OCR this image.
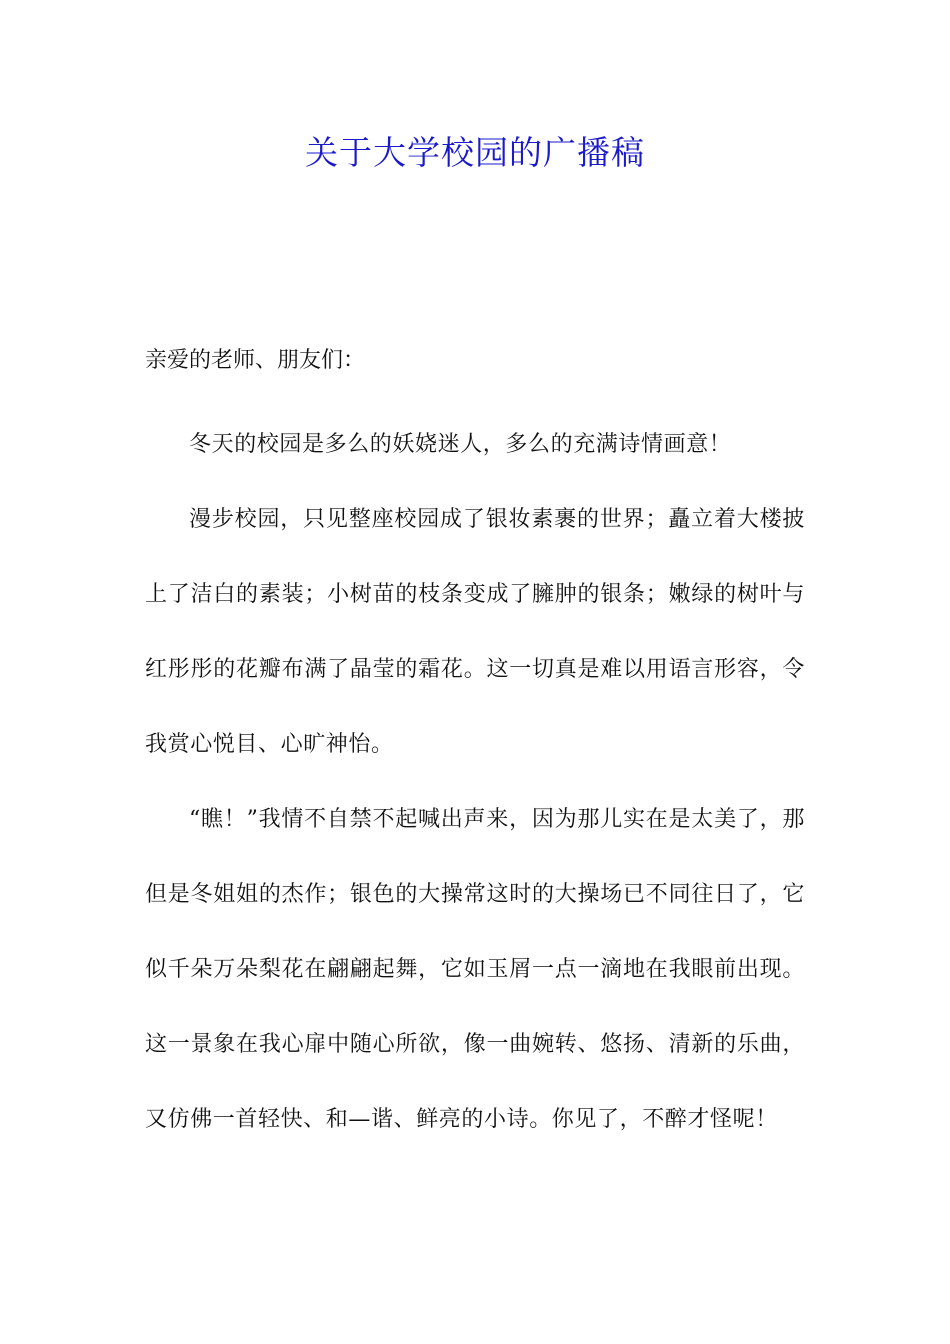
关于大学校园的广播稿

亲爱的老师、朋友们：

冬天的校园是多么的妖娆迷人，多么的充满诗情画意！

漫步校园，只见整座校园成了银妆素裹的世界；矗立着大楼披上了洁白的素装；小树苗的枝条变成了臃肿的银条；嫩绿的树叶与红彤彤的花瓣布满了晶莹的霜花。这一切真是难以用语言形容，令我赏心悦目、心旷神怡。

“瞧！”我情不自禁不起喊出声来，因为那儿实在是太美了，那但是冬姐姐的杰作；银色的大操常这时的大操场已不同往日了，它似千朵万朵梨花在翩翩起舞，它如玉屑一点一滴地在我眼前出现。这一景象在我心扉中随心所欲，像一曲婉转、悠扬、清新的乐曲，又仿佛一首轻快、和—谐、鲜亮的小诗。你见了，不醉才怪呢！
